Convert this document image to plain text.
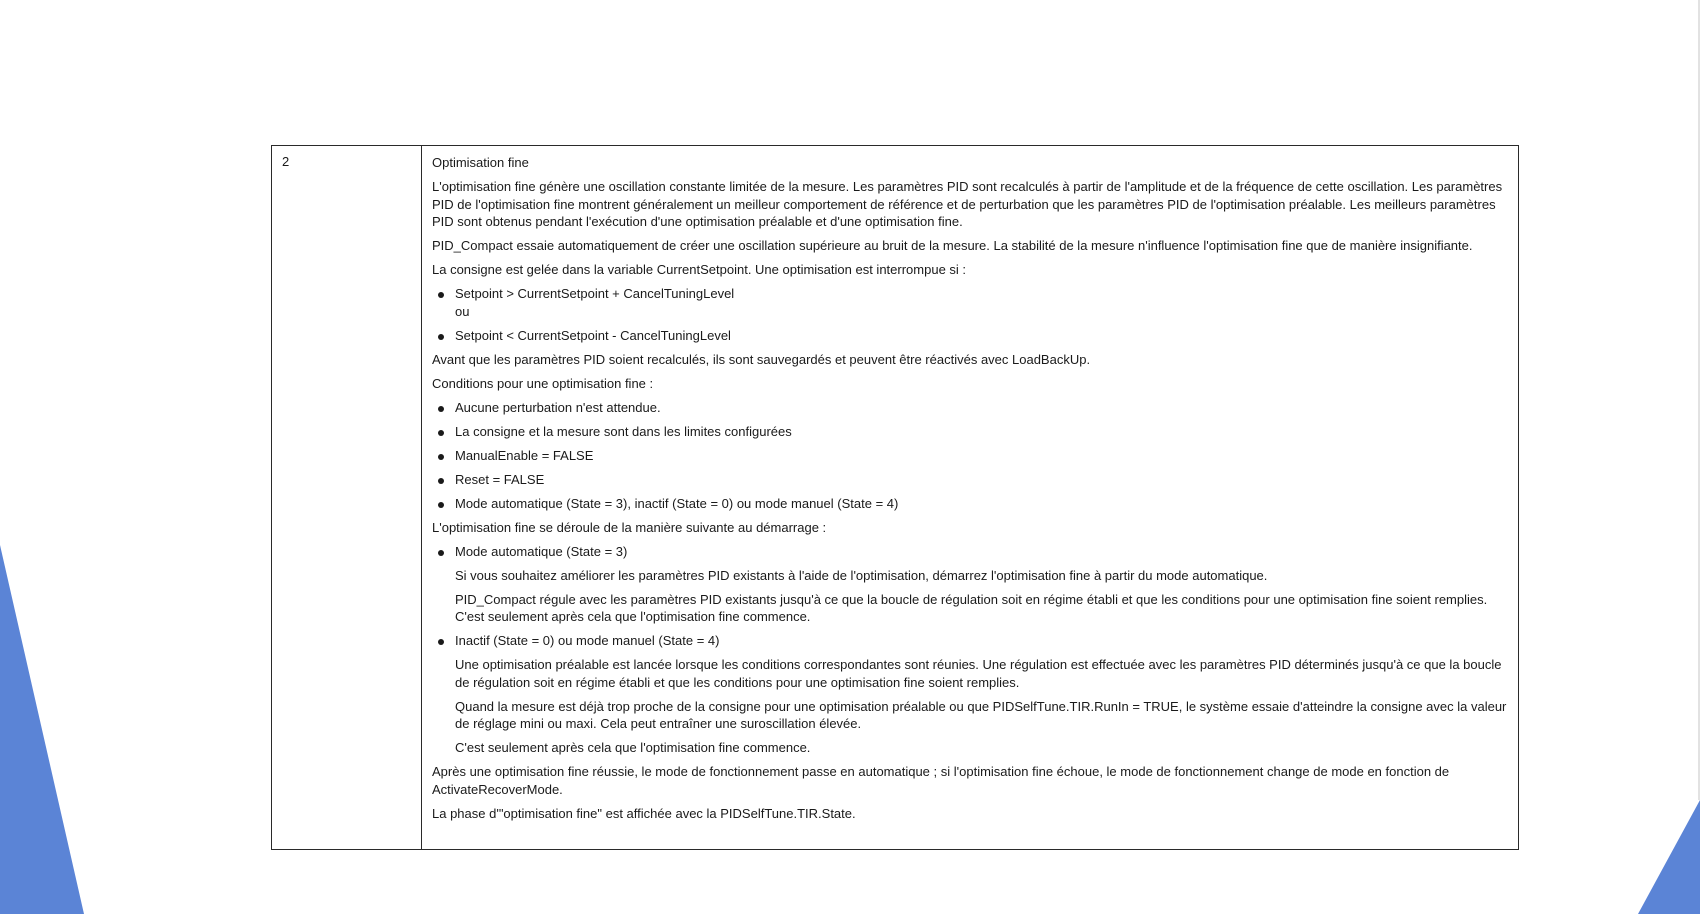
2	Optimisation fine

L'optimisation fine génère une oscillation constante limitée de la mesure. Les paramètres PID sont recalculés à partir de l'amplitude et de la fréquence de cette oscillation. Les paramètres PID de l'optimisation fine montrent généralement un meilleur comportement de référence et de perturbation que les paramètres PID de l'optimisation préalable. Les meilleurs paramètres PID sont obtenus pendant l'exécution d'une optimisation préalable et d'une optimisation fine.

PID_Compact essaie automatiquement de créer une oscillation supérieure au bruit de la mesure. La stabilité de la mesure n'influence l'optimisation fine que de manière insignifiante.

La consigne est gelée dans la variable CurrentSetpoint. Une optimisation est interrompue si :

Setpoint > CurrentSetpoint + CancelTuningLevel
ou
Setpoint < CurrentSetpoint - CancelTuningLevel

Avant que les paramètres PID soient recalculés, ils sont sauvegardés et peuvent être réactivés avec LoadBackUp.

Conditions pour une optimisation fine :

Aucune perturbation n'est attendue.
La consigne et la mesure sont dans les limites configurées
ManualEnable = FALSE
Reset = FALSE
Mode automatique (State = 3), inactif (State = 0) ou mode manuel (State = 4)

L'optimisation fine se déroule de la manière suivante au démarrage :

Mode automatique (State = 3)

Si vous souhaitez améliorer les paramètres PID existants à l'aide de l'optimisation, démarrez l'optimisation fine à partir du mode automatique.

PID_Compact régule avec les paramètres PID existants jusqu'à ce que la boucle de régulation soit en régime établi et que les conditions pour une optimisation fine soient remplies. C'est seulement après cela que l'optimisation fine commence.

Inactif (State = 0) ou mode manuel (State = 4)

Une optimisation préalable est lancée lorsque les conditions correspondantes sont réunies. Une régulation est effectuée avec les paramètres PID déterminés jusqu'à ce que la boucle de régulation soit en régime établi et que les conditions pour une optimisation fine soient remplies.

Quand la mesure est déjà trop proche de la consigne pour une optimisation préalable ou que PIDSelfTune.TIR.RunIn = TRUE, le système essaie d'atteindre la consigne avec la valeur de réglage mini ou maxi. Cela peut entraîner une suroscillation élevée.

C'est seulement après cela que l'optimisation fine commence.

Après une optimisation fine réussie, le mode de fonctionnement passe en automatique ; si l'optimisation fine échoue, le mode de fonctionnement change de mode en fonction de ActivateRecoverMode.

La phase d'"optimisation fine" est affichée avec la PIDSelfTune.TIR.State.
